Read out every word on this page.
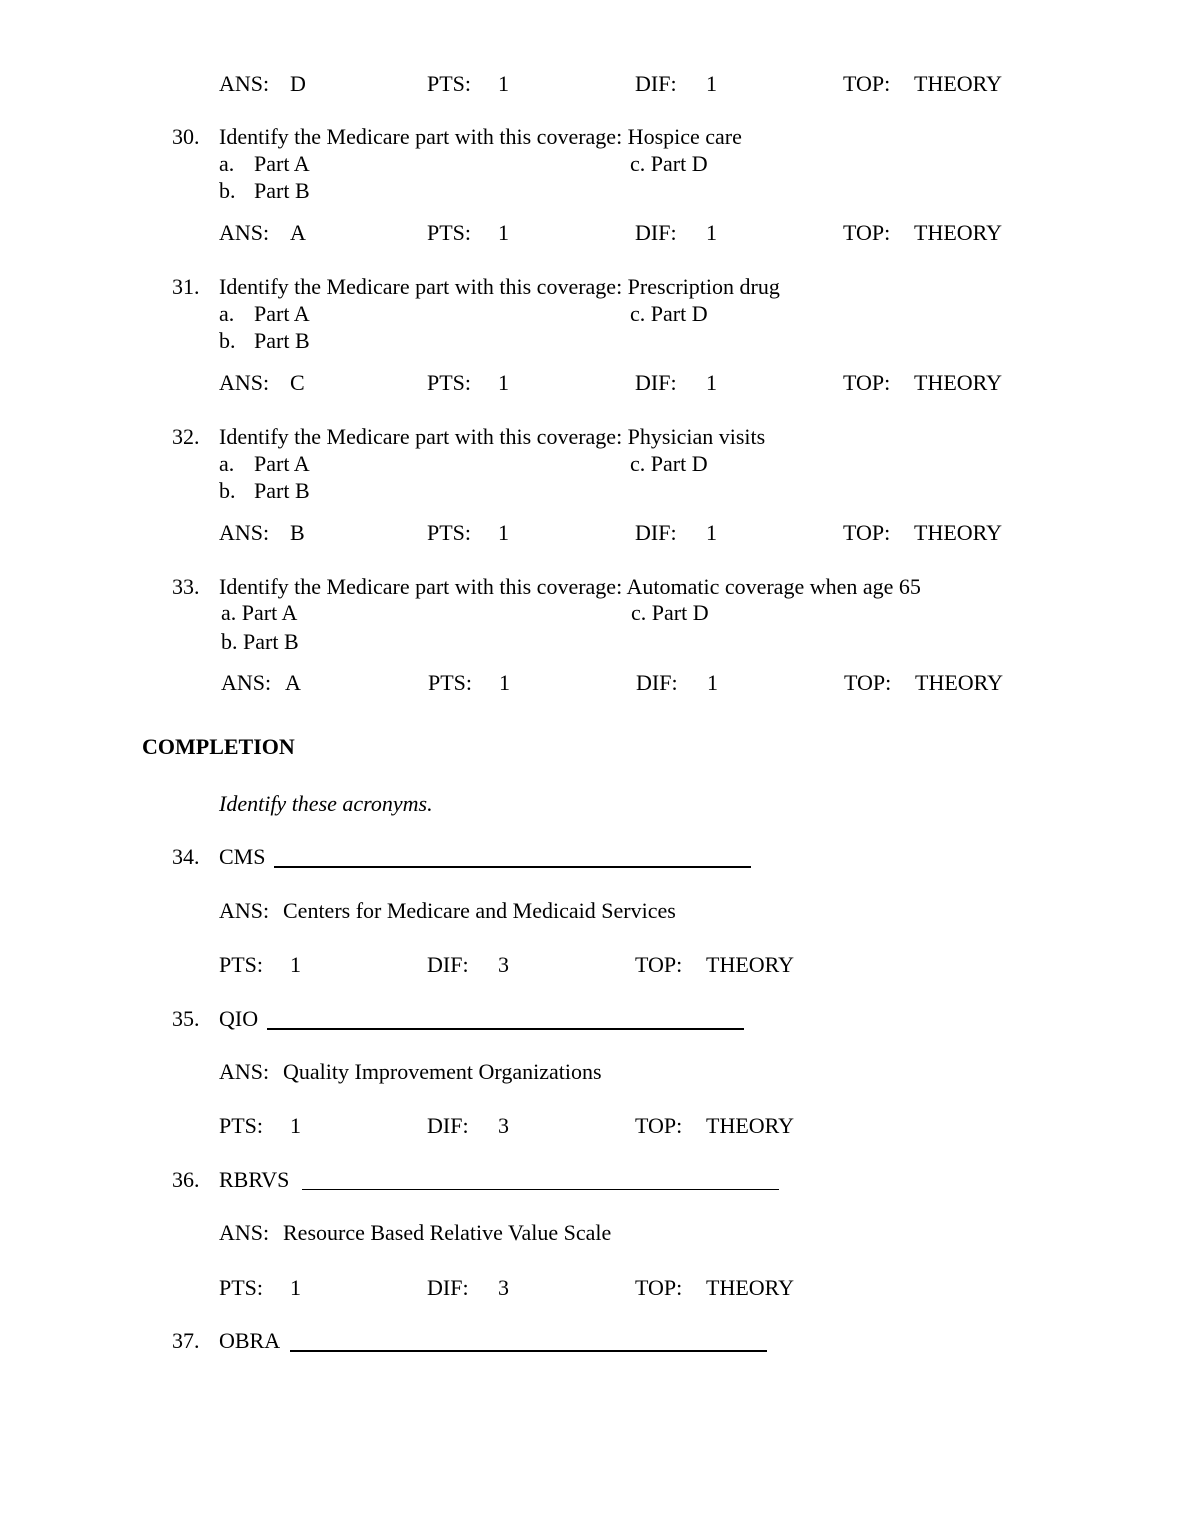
ANS: D	PTS: 1	DIF: 1	TOP: THEORY
30. Identify the Medicare part with this coverage: Hospice care
a. Part A	c. Part D
b. Part B
ANS: A	PTS: 1	DIF: 1	TOP: THEORY
31. Identify the Medicare part with this coverage: Prescription drug
a. Part A	c. Part D
b. Part B
ANS: C	PTS: 1	DIF: 1	TOP: THEORY
32. Identify the Medicare part with this coverage: Physician visits
a. Part A	c. Part D
b. Part B
ANS: B	PTS: 1	DIF: 1	TOP: THEORY
33. Identify the Medicare part with this coverage: Automatic coverage when age 65
a. Part A	c. Part D
b. Part B
ANS: A	PTS: 1	DIF: 1	TOP: THEORY
COMPLETION
Identify these acronyms.
34. CMS
ANS: Centers for Medicare and Medicaid Services
PTS: 1	DIF: 3	TOP: THEORY
35. QIO
ANS: Quality Improvement Organizations
PTS: 1	DIF: 3	TOP: THEORY
36. RBRVS
ANS: Resource Based Relative Value Scale
PTS: 1	DIF: 3	TOP: THEORY
37. OBRA
